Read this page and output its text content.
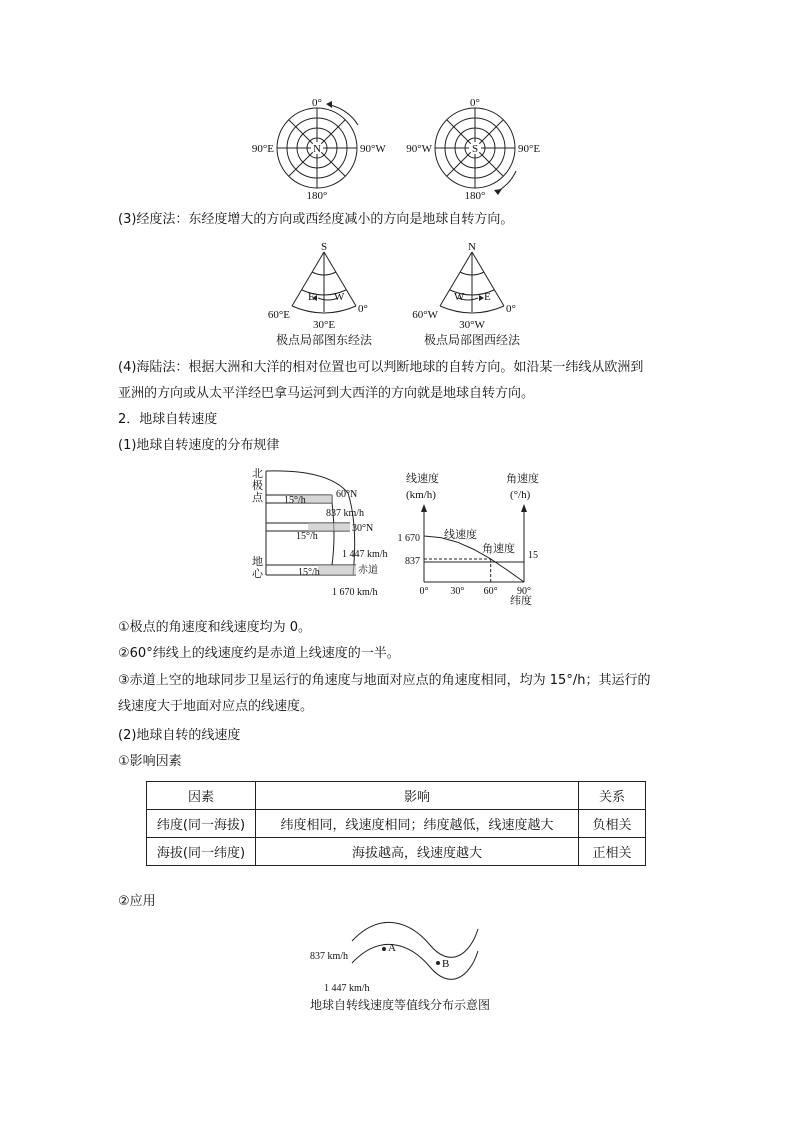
0°
90°E	N	90°W
180°
0°
90°W	S	90°E
180°
(3)经度法：东经度增大的方向或西经度减小的方向是地球自转方向。
S
E W
60°E	0°
30°E
极点局部图东经法
N
W E
60°W	0°
30°W
极点局部图西经法
(4)海陆法：根据大洲和大洋的相对位置也可以判断地球的自转方向。如沿某一纬线从欧洲到
亚洲的方向或从太平洋经巴拿马运河到大西洋的方向就是地球自转方向。
2．地球自转速度
(1)地球自转速度的分布规律
北
极
点
地
心
60°N
837 km/h
30°N
1 447 km/h
赤道
1 670 km/h
15°/h
15°/h
15°/h
0° 30° 60° 90°
线速度
(km/h)
角速度
(°/h)
1 670
837
15
线速度
角速度
纬度
①极点的角速度和线速度均为 0。
②60°纬线上的线速度约是赤道上线速度的一半。
③赤道上空的地球同步卫星运行的角速度与地面对应点的角速度相同，均为 15°/h；其运行的
线速度大于地面对应点的线速度。
(2)地球自转的线速度
①影响因素
因素	影响	关系
纬度(同一海拔)	纬度相同，线速度相同；纬度越低，线速度越大	负相关
海拔(同一纬度)	海拔越高，线速度越大	正相关
②应用
A
B
837 km/h
1 447 km/h
地球自转线速度等值线分布示意图
